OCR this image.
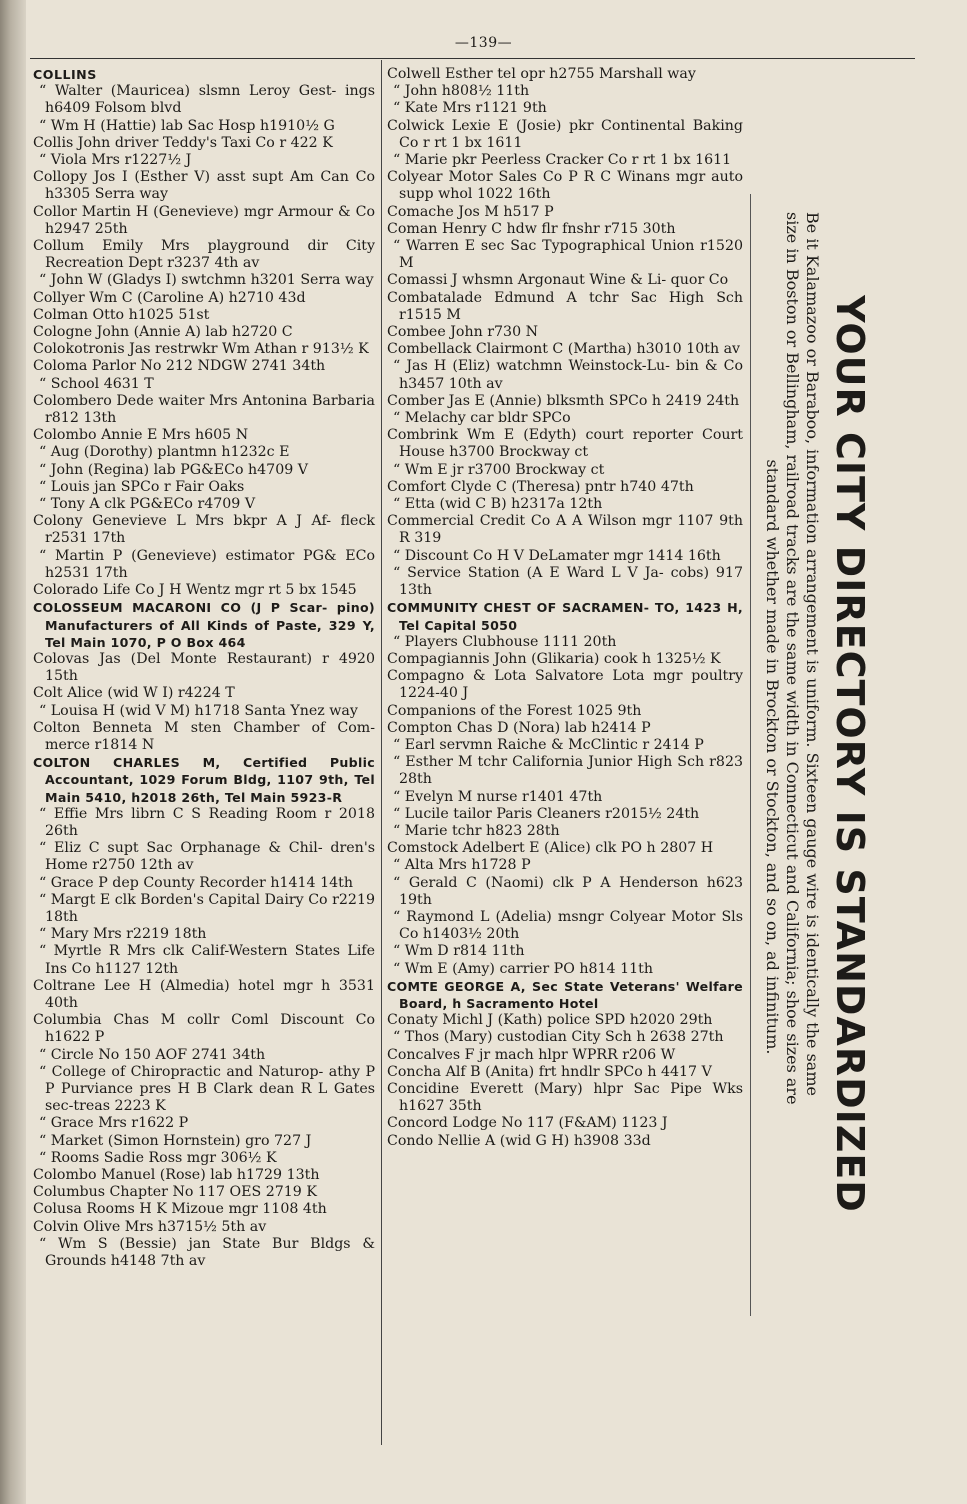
—139—

COLLINS

“ Walter (Mauricea) slsmn Leroy Gest- ings h6409 Folsom blvd

“ Wm H (Hattie) lab Sac Hosp h1910½ G

Collis John driver Teddy's Taxi Co r 422 K

“ Viola Mrs r1227½ J

Collopy Jos I (Esther V) asst supt Am Can Co h3305 Serra way

Collor Martin H (Genevieve) mgr Armour & Co h2947 25th

Collum Emily Mrs playground dir City Recreation Dept r3237 4th av

“ John W (Gladys I) swtchmn h3201 Serra way

Collyer Wm C (Caroline A) h2710 43d

Colman Otto h1025 51st

Cologne John (Annie A) lab h2720 C

Colokotronis Jas restrwkr Wm Athan r 913½ K

Coloma Parlor No 212 NDGW 2741 34th

“ School 4631 T

Colombero Dede waiter Mrs Antonina Barbaria r812 13th

Colombo Annie E Mrs h605 N

“ Aug (Dorothy) plantmn h1232c E

“ John (Regina) lab PG&ECo h4709 V

“ Louis jan SPCo r Fair Oaks

“ Tony A clk PG&ECo r4709 V

Colony Genevieve L Mrs bkpr A J Af- fleck r2531 17th

“ Martin P (Genevieve) estimator PG& ECo h2531 17th

Colorado Life Co J H Wentz mgr rt 5 bx 1545

COLOSSEUM MACARONI CO (J P Scar- pino) Manufacturers of All Kinds of Paste, 329 Y, Tel Main 1070, P O Box 464

Colovas Jas (Del Monte Restaurant) r 4920 15th

Colt Alice (wid W I) r4224 T

“ Louisa H (wid V M) h1718 Santa Ynez way

Colton Benneta M sten Chamber of Com- merce r1814 N

COLTON CHARLES M, Certified Public Accountant, 1029 Forum Bldg, 1107 9th, Tel Main 5410, h2018 26th, Tel Main 5923-R

“ Effie Mrs librn C S Reading Room r 2018 26th

“ Eliz C supt Sac Orphanage & Chil- dren's Home r2750 12th av

“ Grace P dep County Recorder h1414 14th

“ Margt E clk Borden's Capital Dairy Co r2219 18th

“ Mary Mrs r2219 18th

“ Myrtle R Mrs clk Calif-Western States Life Ins Co h1127 12th

Coltrane Lee H (Almedia) hotel mgr h 3531 40th

Columbia Chas M collr Coml Discount Co h1622 P

“ Circle No 150 AOF 2741 34th

“ College of Chiropractic and Naturop- athy P P Purviance pres H B Clark dean R L Gates sec-treas 2223 K

“ Grace Mrs r1622 P

“ Market (Simon Hornstein) gro 727 J

“ Rooms Sadie Ross mgr 306½ K

Colombo Manuel (Rose) lab h1729 13th

Columbus Chapter No 117 OES 2719 K

Colusa Rooms H K Mizoue mgr 1108 4th

Colvin Olive Mrs h3715½ 5th av

“ Wm S (Bessie) jan State Bur Bldgs & Grounds h4148 7th av

Colwell Esther tel opr h2755 Marshall way

“ John h808½ 11th

“ Kate Mrs r1121 9th

Colwick Lexie E (Josie) pkr Continental Baking Co r rt 1 bx 1611

“ Marie pkr Peerless Cracker Co r rt 1 bx 1611

Colyear Motor Sales Co P R C Winans mgr auto supp whol 1022 16th

Comache Jos M h517 P

Coman Henry C hdw flr fnshr r715 30th

“ Warren E sec Sac Typographical Union r1520 M

Comassi J whsmn Argonaut Wine & Li- quor Co

Combatalade Edmund A tchr Sac High Sch r1515 M

Combee John r730 N

Combellack Clairmont C (Martha) h3010 10th av

“ Jas H (Eliz) watchmn Weinstock-Lu- bin & Co h3457 10th av

Comber Jas E (Annie) blksmth SPCo h 2419 24th

“ Melachy car bldr SPCo

Combrink Wm E (Edyth) court reporter Court House h3700 Brockway ct

“ Wm E jr r3700 Brockway ct

Comfort Clyde C (Theresa) pntr h740 47th

“ Etta (wid C B) h2317a 12th

Commercial Credit Co A A Wilson mgr 1107 9th R 319

“ Discount Co H V DeLamater mgr 1414 16th

“ Service Station (A E Ward L V Ja- cobs) 917 13th

COMMUNITY CHEST OF SACRAMEN- TO, 1423 H, Tel Capital 5050

“ Players Clubhouse 1111 20th

Compagiannis John (Glikaria) cook h 1325½ K

Compagno & Lota Salvatore Lota mgr poultry 1224-40 J

Companions of the Forest 1025 9th

Compton Chas D (Nora) lab h2414 P

“ Earl servmn Raiche & McClintic r 2414 P

“ Esther M tchr California Junior High Sch r823 28th

“ Evelyn M nurse r1401 47th

“ Lucile tailor Paris Cleaners r2015½ 24th

“ Marie tchr h823 28th

Comstock Adelbert E (Alice) clk PO h 2807 H

“ Alta Mrs h1728 P

“ Gerald C (Naomi) clk P A Henderson h623 19th

“ Raymond L (Adelia) msngr Colyear Motor Sls Co h1403½ 20th

“ Wm D r814 11th

“ Wm E (Amy) carrier PO h814 11th

COMTE GEORGE A, Sec State Veterans' Welfare Board, h Sacramento Hotel

Conaty Michl J (Kath) police SPD h2020 29th

“ Thos (Mary) custodian City Sch h 2638 27th

Concalves F jr mach hlpr WPRR r206 W

Concha Alf B (Anita) frt hndlr SPCo h 4417 V

Concidine Everett (Mary) hlpr Sac Pipe Wks h1627 35th

Concord Lodge No 117 (F&AM) 1123 J

Condo Nellie A (wid G H) h3908 33d	YOUR CITY DIRECTORY IS STANDARDIZED
Be it Kalamazoo or Baraboo, information arrangement is uniform. Sixteen gauge wire is identically the same
size in Boston or Bellingham, railroad tracks are the same width in Connecticut and California; shoe sizes are
standard whether made in Brockton or Stockton, and so on, ad infinitum.
